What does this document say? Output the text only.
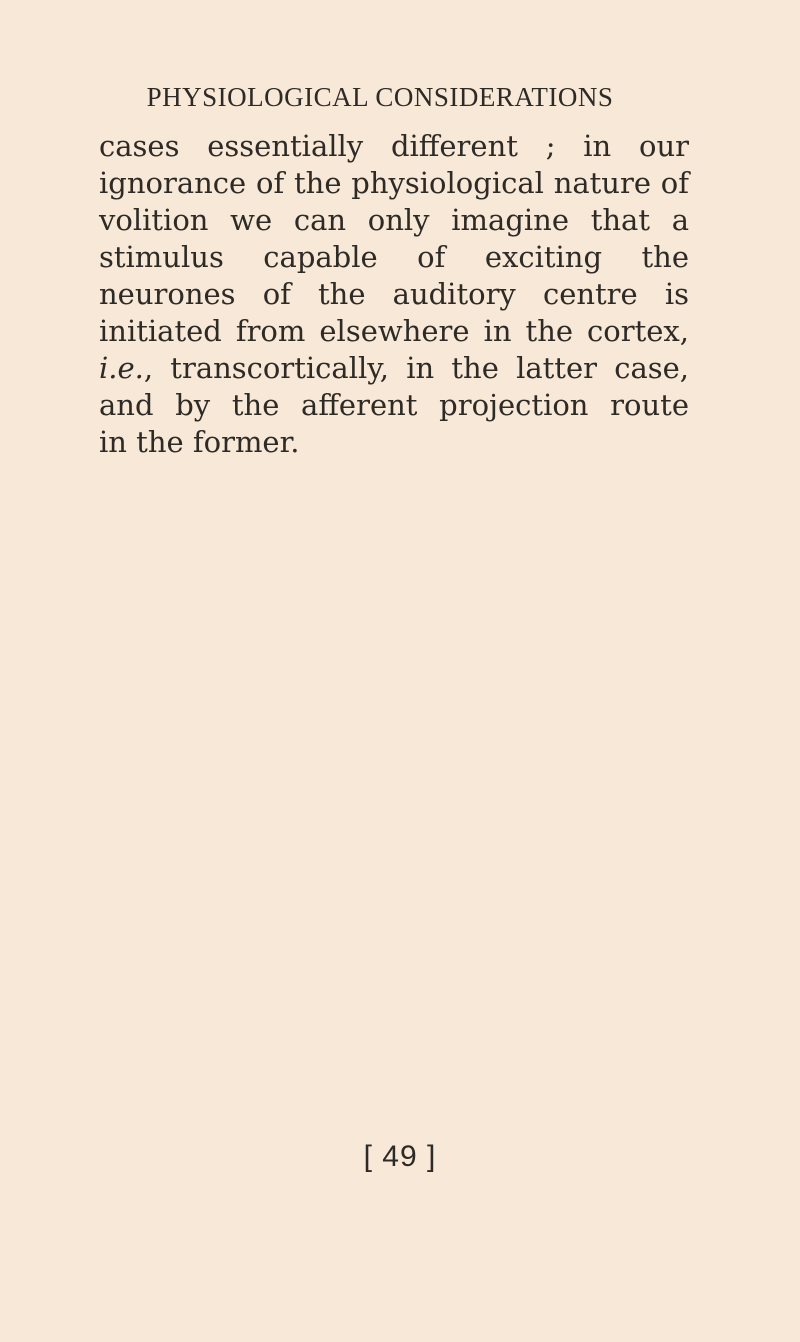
PHYSIOLOGICAL CONSIDERATIONS
cases essentially different ; in our
ignorance of the physiological nature of
volition we can only imagine that a
stimulus capable of exciting the
neurones of the auditory centre is
initiated from elsewhere in the cortex,
i.e., transcortically, in the latter case,
and by the afferent projection route
in the former.
[ 49 ]
